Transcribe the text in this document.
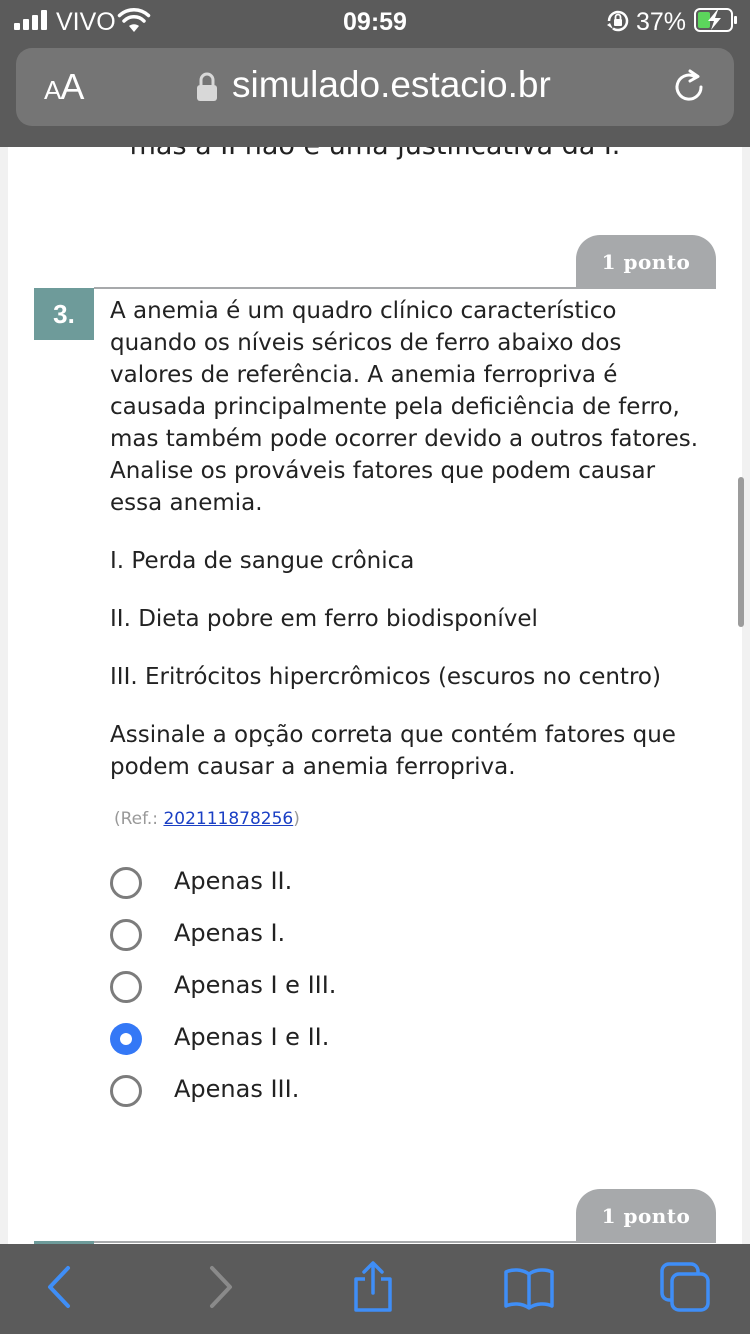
VIVO	09:59	37%
AA	simulado.estacio.br
1 ponto
3.	A anemia é um quadro clínico característico quando os níveis séricos de ferro abaixo dos valores de referência. A anemia ferropriva é causada principalmente pela deficiência de ferro, mas também pode ocorrer devido a outros fatores. Analise os prováveis fatores que podem causar essa anemia.

I. Perda de sangue crônica

II. Dieta pobre em ferro biodisponível

III. Eritrócitos hipercrômicos (escuros no centro)

Assinale a opção correta que contém fatores que podem causar a anemia ferropriva.

(Ref.: 202111878256)
Apenas II.
Apenas I.
Apenas I e III.
Apenas I e II.
Apenas III.
1 ponto
